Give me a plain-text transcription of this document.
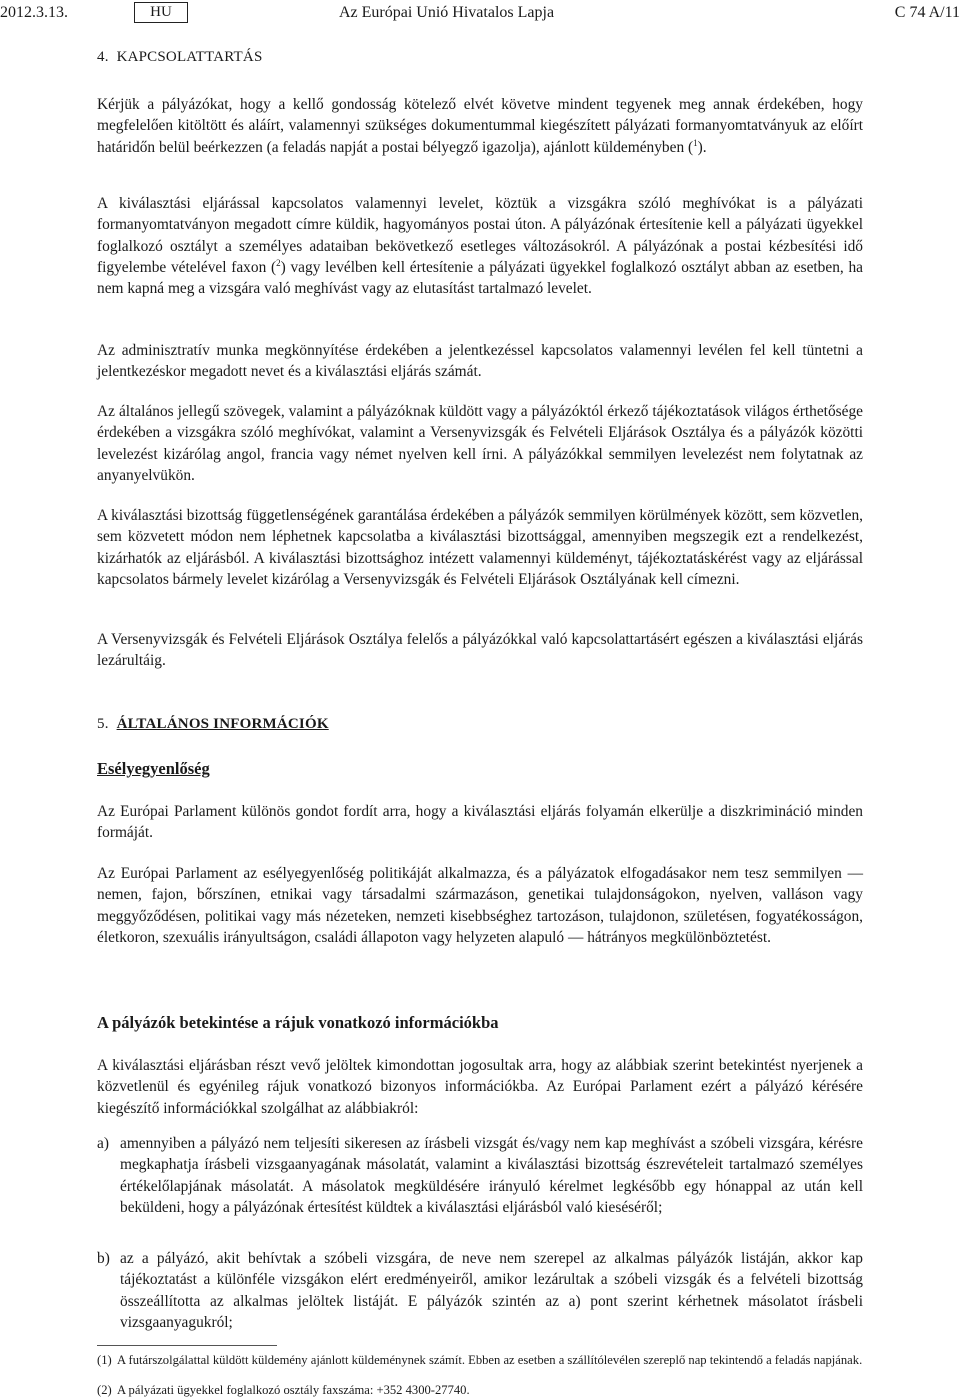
2012.3.13.	HU	Az Európai Unió Hivatalos Lapja	C 74 A/11
4. KAPCSOLATTARTÁS
Kérjük a pályázókat, hogy a kellő gondosság kötelező elvét követve mindent tegyenek meg annak érdekében, hogy megfelelően kitöltött és aláírt, valamennyi szükséges dokumentummal kiegészített pályázati formanyomtatványuk az előírt határidőn belül beérkezzen (a feladás napját a postai bélyegző igazolja), ajánlott küldeményben ($^1$).
A kiválasztási eljárással kapcsolatos valamennyi levelet, köztük a vizsgákra szóló meghívókat is a pályázati formanyomtatványon megadott címre küldik, hagyományos postai úton. A pályázónak értesítenie kell a pályázati ügyekkel foglalkozó osztályt a személyes adataiban bekövetkező esetleges változásokról. A pályázónak a postai kézbesítési idő figyelembe vételével faxon ($^2$) vagy levélben kell értesítenie a pályázati ügyekkel foglalkozó osztályt abban az esetben, ha nem kapná meg a vizsgára való meghívást vagy az elutasítást tartalmazó levelet.
Az adminisztratív munka megkönnyítése érdekében a jelentkezéssel kapcsolatos valamennyi levélen fel kell tüntetni a jelentkezéskor megadott nevet és a kiválasztási eljárás számát.
Az általános jellegű szövegek, valamint a pályázóknak küldött vagy a pályázóktól érkező tájékoztatások világos érthetősége érdekében a vizsgákra szóló meghívókat, valamint a Versenyvizsgák és Felvételi Eljárások Osztálya és a pályázók közötti levelezést kizárólag angol, francia vagy német nyelven kell írni. A pályázókkal semmilyen levelezést nem folytatnak az anyanyelvükön.
A kiválasztási bizottság függetlenségének garantálása érdekében a pályázók semmilyen körülmények között, sem közvetlen, sem közvetett módon nem léphetnek kapcsolatba a kiválasztási bizottsággal, amennyiben megszegik ezt a rendelkezést, kizárhatók az eljárásból. A kiválasztási bizottsághoz intézett valamennyi küldeményt, tájékoztatáskérést vagy az eljárással kapcsolatos bármely levelet kizárólag a Versenyvizsgák és Felvételi Eljárások Osztályának kell címezni.
A Versenyvizsgák és Felvételi Eljárások Osztálya felelős a pályázókkal való kapcsolattartásért egészen a kiválasztási eljárás lezárultáig.
5. ÁLTALÁNOS INFORMÁCIÓK
Esélyegyenlőség
Az Európai Parlament különös gondot fordít arra, hogy a kiválasztási eljárás folyamán elkerülje a diszkrimináció minden formáját.
Az Európai Parlament az esélyegyenlőség politikáját alkalmazza, és a pályázatok elfogadásakor nem tesz semmilyen — nemen, fajon, bőrszínen, etnikai vagy társadalmi származáson, genetikai tulajdonságokon, nyelven, valláson vagy meggyőződésen, politikai vagy más nézeteken, nemzeti kisebbséghez tartozáson, tulajdonon, születésen, fogyatékosságon, életkoron, szexuális irányultságon, családi állapoton vagy helyzeten alapuló — hátrányos megkülönböztetést.
A pályázók betekintése a rájuk vonatkozó információkba
A kiválasztási eljárásban részt vevő jelöltek kimondottan jogosultak arra, hogy az alábbiak szerint betekintést nyerjenek a közvetlenül és egyénileg rájuk vonatkozó bizonyos információkba. Az Európai Parlament ezért a pályázó kérésére kiegészítő információkkal szolgálhat az alábbiakról:
a) amennyiben a pályázó nem teljesíti sikeresen az írásbeli vizsgát és/vagy nem kap meghívást a szóbeli vizsgára, kérésre megkaphatja írásbeli vizsgaanyagának másolatát, valamint a kiválasztási bizottság észrevételeit tartalmazó személyes értékelőlapjának másolatát. A másolatok megküldésére irányuló kérelmet legkésőbb egy hónappal az után kell beküldeni, hogy a pályázónak értesítést küldtek a kiválasztási eljárásból való kieséséről;
b) az a pályázó, akit behívtak a szóbeli vizsgára, de neve nem szerepel az alkalmas pályázók listáján, akkor kap tájékoztatást a különféle vizsgákon elért eredményeiről, amikor lezárultak a szóbeli vizsgák és a felvételi bizottság összeállította az alkalmas jelöltek listáját. E pályázók szintén az a) pont szerint kérhetnek másolatot írásbeli vizsgaanyagukról;
(1) A futárszolgálattal küldött küldemény ajánlott küldeménynek számít. Ebben az esetben a szállítólevélen szereplő nap tekintendő a feladás napjának.
(2) A pályázati ügyekkel foglalkozó osztály faxszáma: +352 4300-27740.
